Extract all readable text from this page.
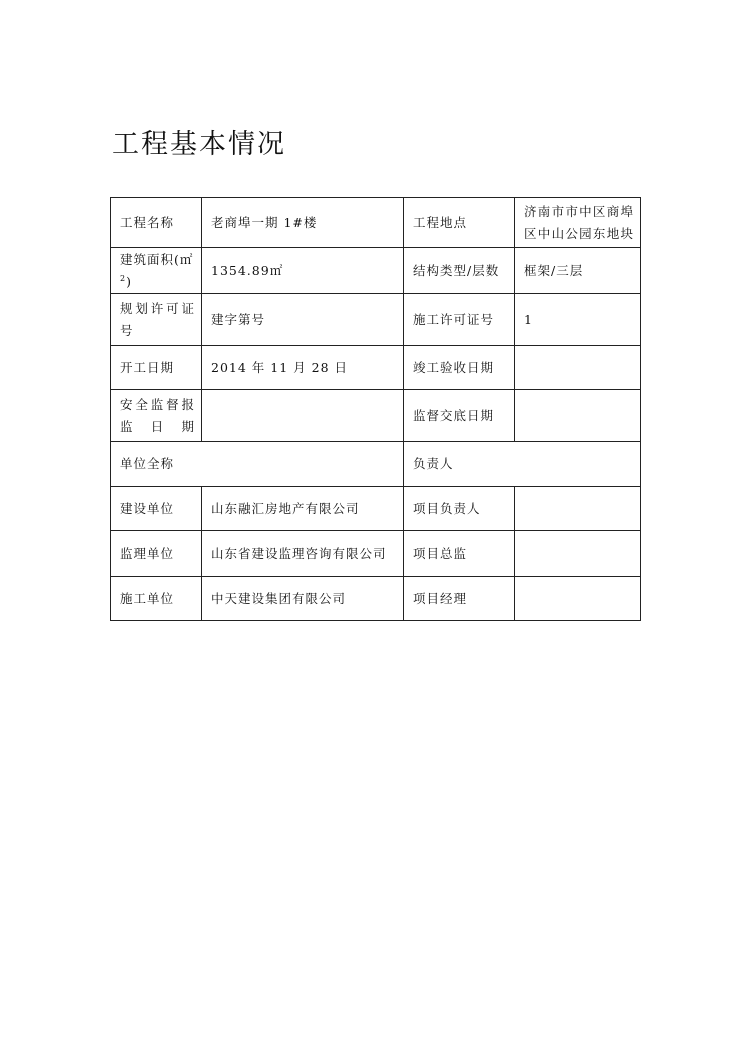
工程基本情况
工程名称	老商埠一期 1#楼	工程地点	济南市市中区商埠区中山公园东地块
建筑面积(㎡$^2$)	1354.89㎡	结构类型/层数	框架/三层
规划许可证号	建字第号	施工许可证号	1
开工日期	2014 年 11 月 28 日	竣工验收日期	
安全监督报监日期		监督交底日期	
单位全称		负责人	
建设单位	山东融汇房地产有限公司	项目负责人	
监理单位	山东省建设监理咨询有限公司	项目总监	
施工单位	中天建设集团有限公司	项目经理	
